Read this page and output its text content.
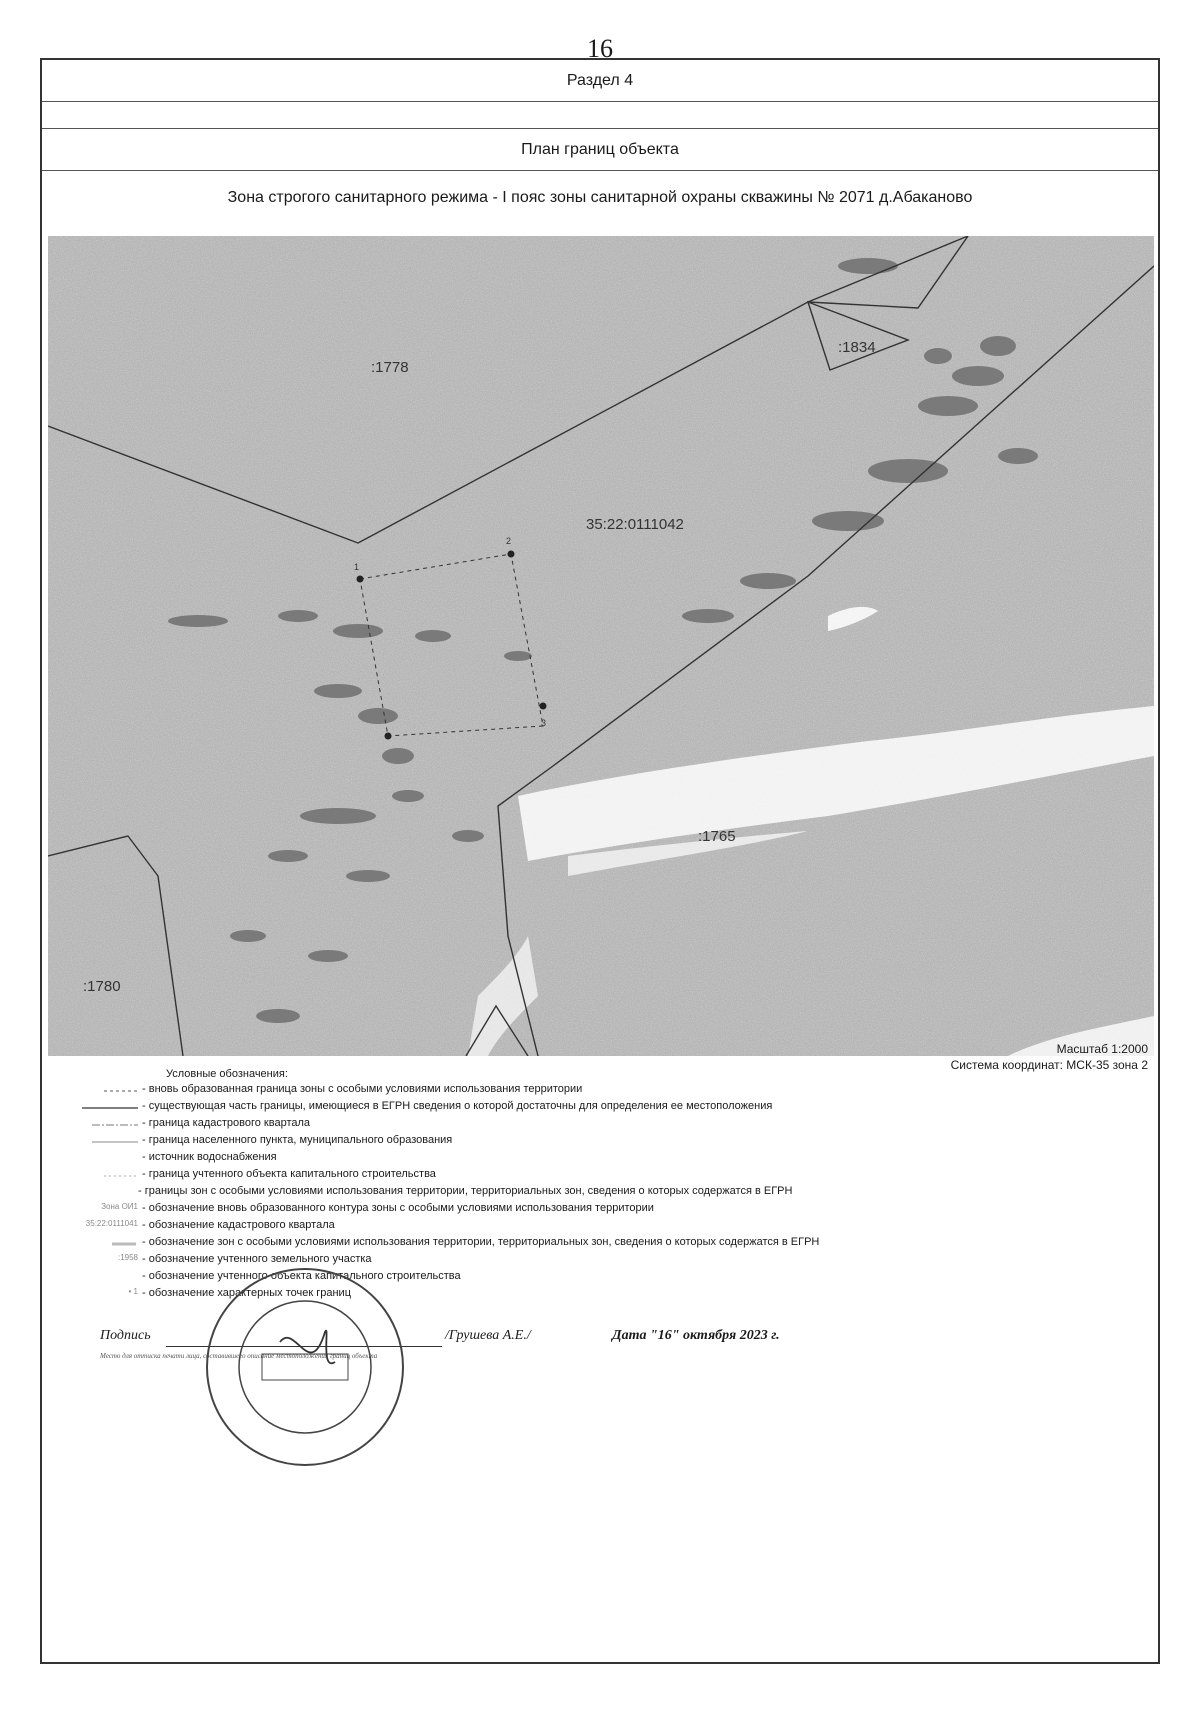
16
Раздел 4
План границ объекта
Зона строгого санитарного режима - I пояс зоны санитарной охраны скважины № 2071 д.Абаканово
1
2
3
:1778
:1834
35:22:0111042
:1765
:1780
Масштаб 1:2000
Система координат: МСК-35 зона 2
Условные обозначения:
- вновь образованная граница зоны с особыми условиями использования территории
- существующая часть границы, имеющиеся в ЕГРН сведения о которой достаточны для определения ее местоположения
- граница кадастрового квартала
- граница населенного пункта, муниципального образования
- источник водоснабжения
- граница учтенного объекта капитального строительства
- границы зон с особыми условиями использования территории, территориальных зон, сведения о которых содержатся в ЕГРН
Зона ОИ1 - обозначение вновь образованного контура зоны с особыми условиями использования территории
35:22:0111041 - обозначение кадастрового квартала
- обозначение зон с особыми условиями использования территории, территориальных зон, сведения о которых содержатся в ЕГРН
:1958 - обозначение учтенного земельного участка
- обозначение учтенного объекта капитального строительства
• 1 - обозначение характерных точек границ
Подпись
Место для оттиска печати лица, составившего описание местоположения границ объекта
/Грушева А.Е./	Дата "16" октября 2023 г.
